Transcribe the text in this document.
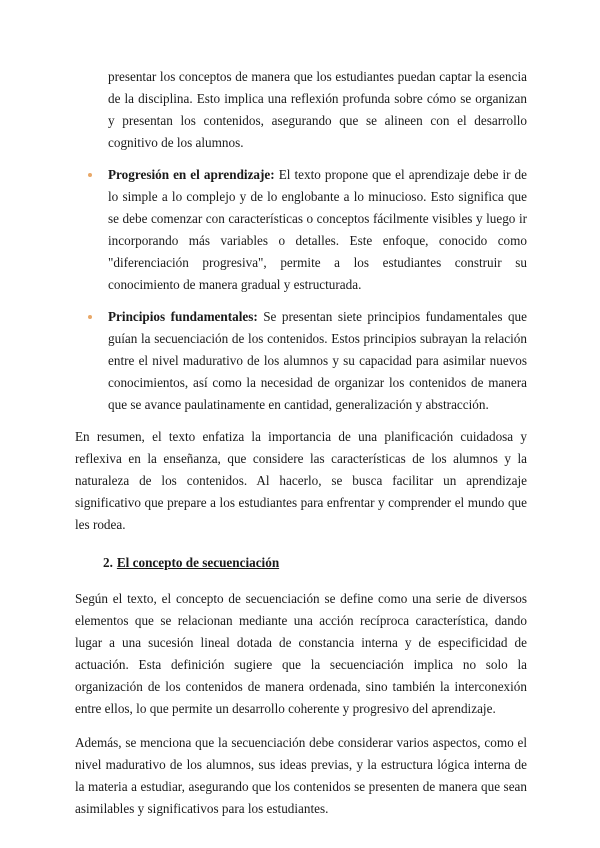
presentar los conceptos de manera que los estudiantes puedan captar la esencia de la disciplina. Esto implica una reflexión profunda sobre cómo se organizan y presentan los contenidos, asegurando que se alineen con el desarrollo cognitivo de los alumnos.
Progresión en el aprendizaje: El texto propone que el aprendizaje debe ir de lo simple a lo complejo y de lo englobante a lo minucioso. Esto significa que se debe comenzar con características o conceptos fácilmente visibles y luego ir incorporando más variables o detalles. Este enfoque, conocido como "diferenciación progresiva", permite a los estudiantes construir su conocimiento de manera gradual y estructurada.
Principios fundamentales: Se presentan siete principios fundamentales que guían la secuenciación de los contenidos. Estos principios subrayan la relación entre el nivel madurativo de los alumnos y su capacidad para asimilar nuevos conocimientos, así como la necesidad de organizar los contenidos de manera que se avance paulatinamente en cantidad, generalización y abstracción.

En resumen, el texto enfatiza la importancia de una planificación cuidadosa y reflexiva en la enseñanza, que considere las características de los alumnos y la naturaleza de los contenidos. Al hacerlo, se busca facilitar un aprendizaje significativo que prepare a los estudiantes para enfrentar y comprender el mundo que les rodea.

2. El concepto de secuenciación

Según el texto, el concepto de secuenciación se define como una serie de diversos elementos que se relacionan mediante una acción recíproca característica, dando lugar a una sucesión lineal dotada de constancia interna y de especificidad de actuación. Esta definición sugiere que la secuenciación implica no solo la organización de los contenidos de manera ordenada, sino también la interconexión entre ellos, lo que permite un desarrollo coherente y progresivo del aprendizaje.

Además, se menciona que la secuenciación debe considerar varios aspectos, como el nivel madurativo de los alumnos, sus ideas previas, y la estructura lógica interna de la materia a estudiar, asegurando que los contenidos se presenten de manera que sean asimilables y significativos para los estudiantes.
